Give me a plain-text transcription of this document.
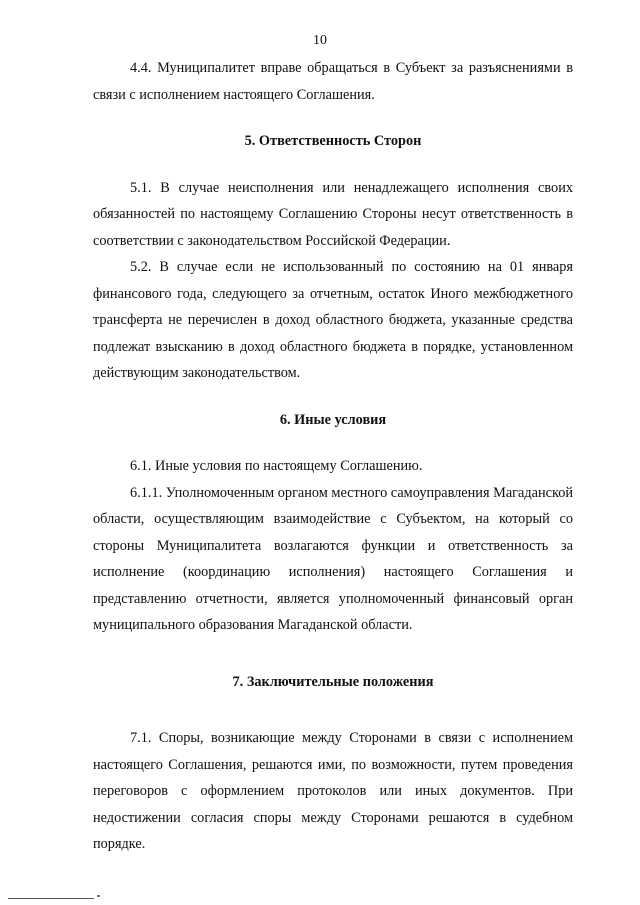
10

4.4. Муниципалитет вправе обращаться в Субъект за разъяснениями в связи с исполнением настоящего Соглашения.

5. Ответственность Сторон

5.1. В случае неисполнения или ненадлежащего исполнения своих обязанностей по настоящему Соглашению Стороны несут ответственность в соответствии с законодательством Российской Федерации.

5.2. В случае если не использованный по состоянию на 01 января финансового года, следующего за отчетным, остаток Иного межбюджетного трансферта не перечислен в доход областного бюджета, указанные средства подлежат взысканию в доход областного бюджета в порядке, установленном действующим законодательством.

6. Иные условия

6.1. Иные условия по настоящему Соглашению.

6.1.1. Уполномоченным органом местного самоуправления Магаданской области, осуществляющим взаимодействие с Субъектом, на который со стороны Муниципалитета возлагаются функции и ответственность за исполнение (координацию исполнения) настоящего Соглашения и представлению отчетности, является уполномоченный финансовый орган муниципального образования Магаданской области.

7. Заключительные положения

7.1. Споры, возникающие между Сторонами в связи с исполнением настоящего Соглашения, решаются ими, по возможности, путем проведения переговоров с оформлением протоколов или иных документов. При недостижении согласия споры между Сторонами решаются в судебном порядке.
